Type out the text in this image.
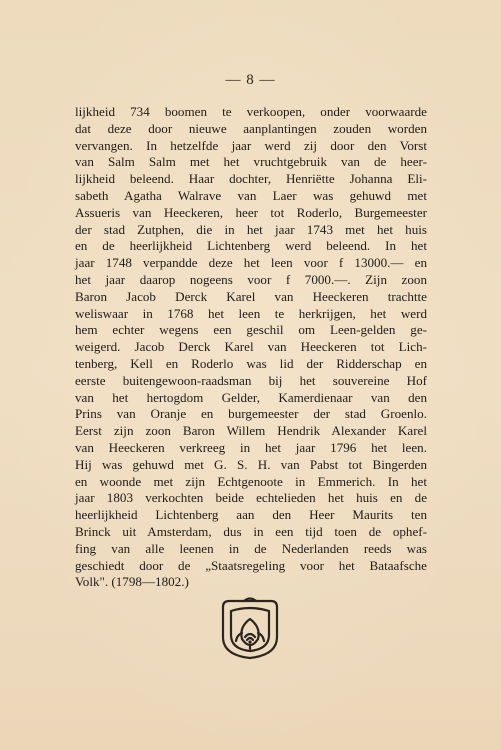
— 8 —
lijkheid 734 boomen te verkoopen, onder voorwaarde
dat deze door nieuwe aanplantingen zouden worden
vervangen. In hetzelfde jaar werd zij door den Vorst
van Salm Salm met het vruchtgebruik van de heer-
lijkheid beleend. Haar dochter, Henriëtte Johanna Eli-
sabeth Agatha Walrave van Laer was gehuwd met
Assueris van Heeckeren, heer tot Roderlo, Burgemeester
der stad Zutphen, die in het jaar 1743 met het huis
en de heerlijkheid Lichtenberg werd beleend. In het
jaar 1748 verpandde deze het leen voor f 13000.— en
het jaar daarop nogeens voor f 7000.—. Zijn zoon
Baron Jacob Derck Karel van Heeckeren trachtte
weliswaar in 1768 het leen te herkrijgen, het werd
hem echter wegens een geschil om Leen-gelden ge-
weigerd. Jacob Derck Karel van Heeckeren tot Lich-
tenberg, Kell en Roderlo was lid der Ridderschap en
eerste buitengewoon-raadsman bij het souvereine Hof
van het hertogdom Gelder, Kamerdienaar van den
Prins van Oranje en burgemeester der stad Groenlo.
Eerst zijn zoon Baron Willem Hendrik Alexander Karel
van Heeckeren verkreeg in het jaar 1796 het leen.
Hij was gehuwd met G. S. H. van Pabst tot Bingerden
en woonde met zijn Echtgenoote in Emmerich. In het
jaar 1803 verkochten beide echtelieden het huis en de
heerlijkheid Lichtenberg aan den Heer Maurits ten
Brinck uit Amsterdam, dus in een tijd toen de ophef-
fing van alle leenen in de Nederlanden reeds was
geschiedt door de „Staatsregeling voor het Bataafsche
Volk". (1798—1802.)
